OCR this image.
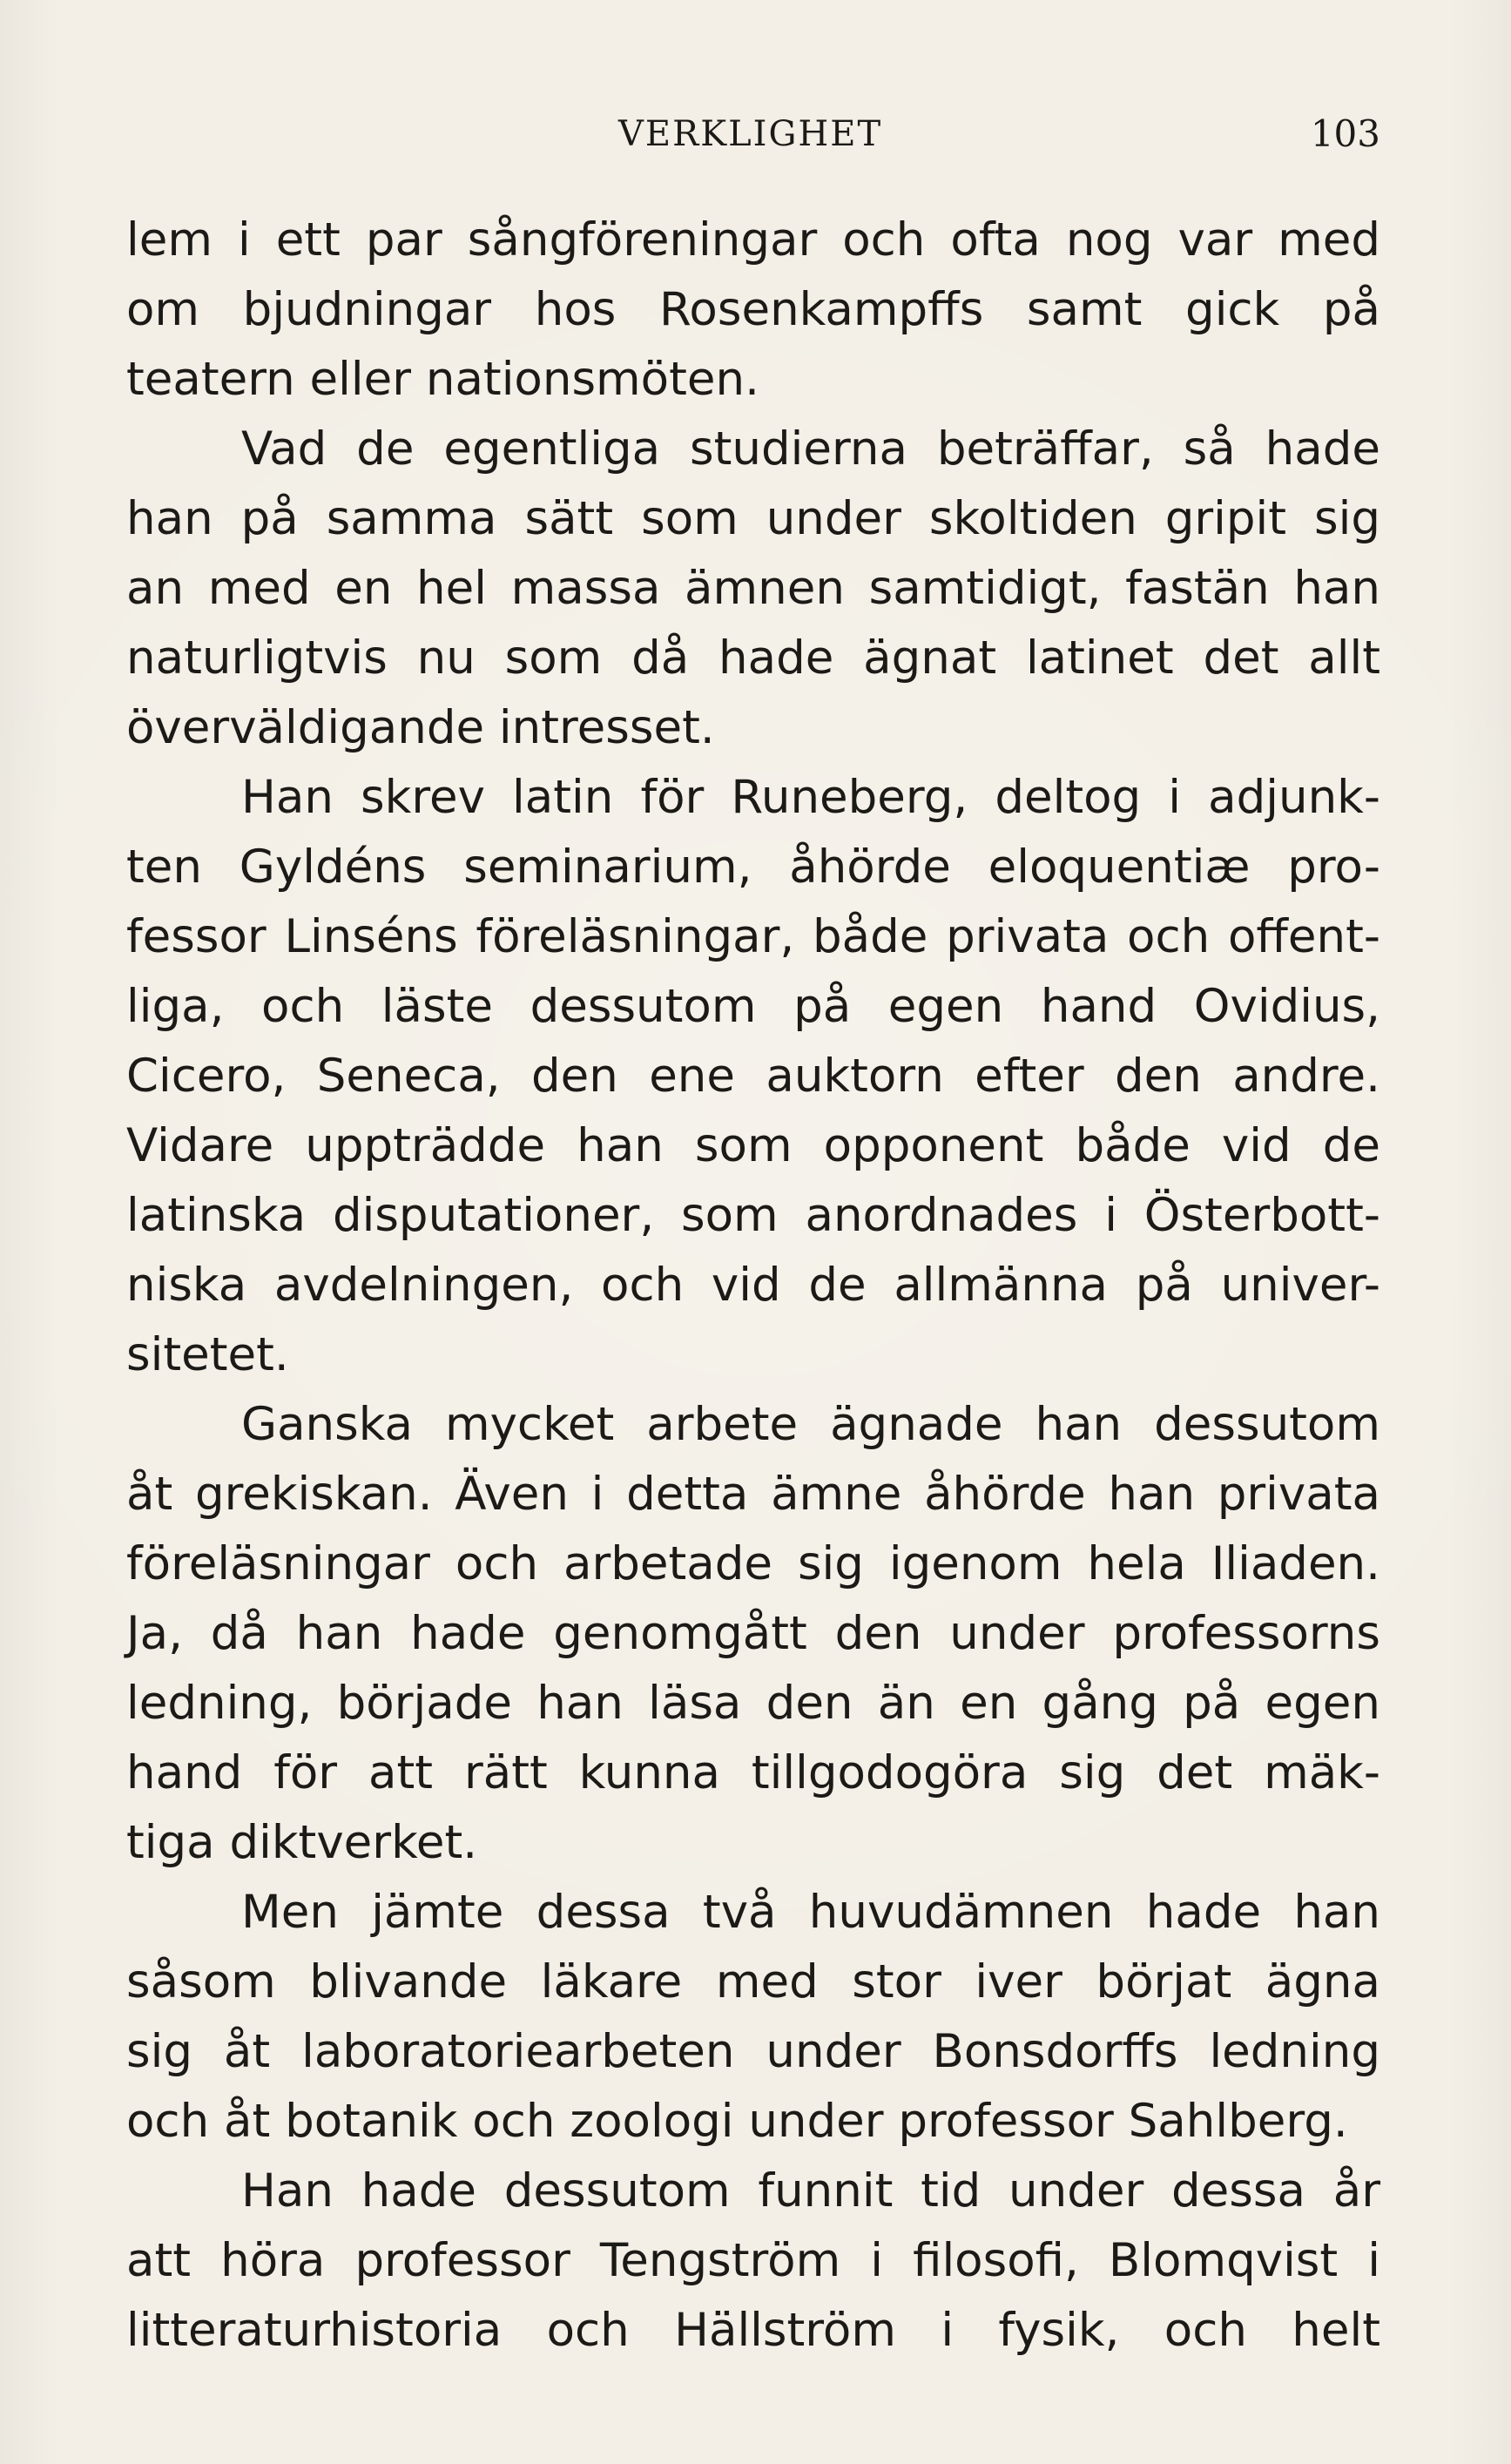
VERKLIGHET	103
lem i ett par sångföreningar och ofta nog var med
om bjudningar hos Rosenkampffs samt gick på
teatern eller nationsmöten.
Vad de egentliga studierna beträffar, så hade
han på samma sätt som under skoltiden gripit sig
an med en hel massa ämnen samtidigt, fastän han
naturligtvis nu som då hade ägnat latinet det allt
överväldigande intresset.
Han skrev latin för Runeberg, deltog i adjunk-
ten Gyldéns seminarium, åhörde eloquentiæ pro-
fessor Linséns föreläsningar, både privata och offent-
liga, och läste dessutom på egen hand Ovidius,
Cicero, Seneca, den ene auktorn efter den andre.
Vidare uppträdde han som opponent både vid de
latinska disputationer, som anordnades i Österbott-
niska avdelningen, och vid de allmänna på univer-
sitetet.
Ganska mycket arbete ägnade han dessutom
åt grekiskan. Även i detta ämne åhörde han privata
föreläsningar och arbetade sig igenom hela Iliaden.
Ja, då han hade genomgått den under professorns
ledning, började han läsa den än en gång på egen
hand för att rätt kunna tillgodogöra sig det mäk-
tiga diktverket.
Men jämte dessa två huvudämnen hade han
såsom blivande läkare med stor iver börjat ägna
sig åt laboratoriearbeten under Bonsdorffs ledning
och åt botanik och zoologi under professor Sahlberg.
Han hade dessutom funnit tid under dessa år
att höra professor Tengström i filosofi, Blomqvist i
litteraturhistoria och Hällström i fysik, och helt
